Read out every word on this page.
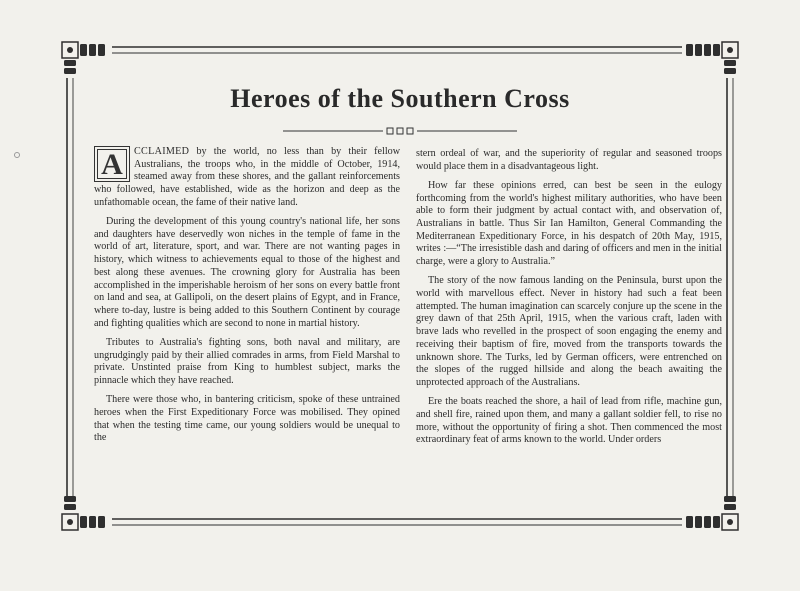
Heroes of the Southern Cross

A	CCLAIMED by the world, no less than by their fellow Australians, the troops who, in the middle of October, 1914, steamed away from these shores, and the gallant reinforcements who followed, have established, wide as the horizon and deep as the unfathomable ocean, the fame of their native land.

During the development of this young country's national life, her sons and daughters have deservedly won niches in the temple of fame in the world of art, literature, sport, and war. There are not wanting pages in history, which witness to achievements equal to those of the highest and best along these avenues. The crowning glory for Australia has been accomplished in the imperishable heroism of her sons on every battle front on land and sea, at Gallipoli, on the desert plains of Egypt, and in France, where to-day, lustre is being added to this Southern Continent by courage and fighting qualities which are second to none in martial history.

Tributes to Australia's fighting sons, both naval and military, are ungrudgingly paid by their allied comrades in arms, from Field Marshal to private. Unstinted praise from King to humblest subject, marks the pinnacle which they have reached.

There were those who, in bantering criticism, spoke of these untrained heroes when the First Expeditionary Force was mobilised. They opined that when the testing time came, our young soldiers would be unequal to the

stern ordeal of war, and the superiority of regular and seasoned troops would place them in a disadvantageous light.

How far these opinions erred, can best be seen in the eulogy forthcoming from the world's highest military authorities, who have been able to form their judgment by actual contact with, and observation of, Australians in battle. Thus Sir Ian Hamilton, General Commanding the Mediterranean Expeditionary Force, in his despatch of 20th May, 1915, writes :—“The irresistible dash and daring of officers and men in the initial charge, were a glory to Australia.”

The story of the now famous landing on the Peninsula, burst upon the world with marvellous effect. Never in history had such a feat been attempted. The human imagination can scarcely conjure up the scene in the grey dawn of that 25th April, 1915, when the various craft, laden with brave lads who revelled in the prospect of soon engaging the enemy and receiving their baptism of fire, moved from the transports towards the unknown shore. The Turks, led by German officers, were entrenched on the slopes of the rugged hillside and along the beach awaiting the unprotected approach of the Australians.

Ere the boats reached the shore, a hail of lead from rifle, machine gun, and shell fire, rained upon them, and many a gallant soldier fell, to rise no more, without the opportunity of firing a shot. Then commenced the most extraordinary feat of arms known to the world. Under orders
